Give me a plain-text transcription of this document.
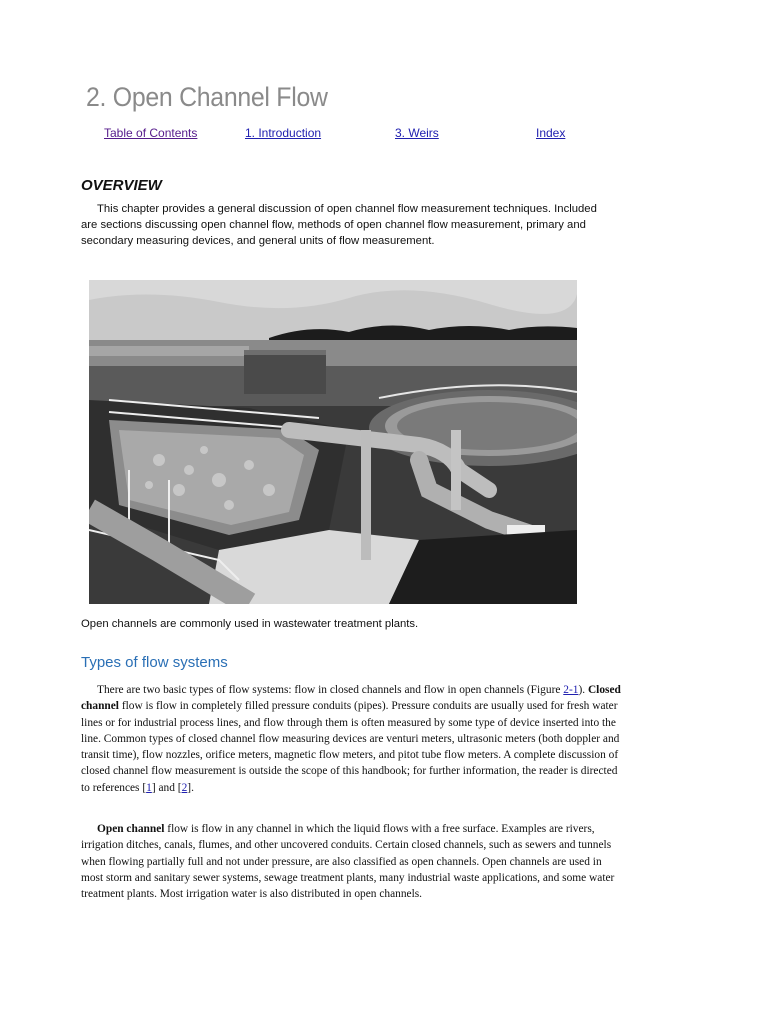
2. Open Channel Flow
Table of Contents	1. Introduction	3. Weirs	Index
OVERVIEW

This chapter provides a general discussion of open channel flow measurement techniques. Included are sections discussing open channel flow, methods of open channel flow measurement, primary and secondary measuring devices, and general units of flow measurement.

Open channels are commonly used in wastewater treatment plants.
Types of flow systems

There are two basic types of flow systems: flow in closed channels and flow in open channels (Figure 2-1). Closed channel flow is flow in completely filled pressure conduits (pipes). Pressure conduits are usually used for fresh water lines or for industrial process lines, and flow through them is often measured by some type of device inserted into the line. Common types of closed channel flow measuring devices are venturi meters, ultrasonic meters (both doppler and transit time), flow nozzles, orifice meters, magnetic flow meters, and pitot tube flow meters. A complete discussion of closed channel flow measurement is outside the scope of this handbook; for further information, the reader is directed to references [1] and [2].

Open channel flow is flow in any channel in which the liquid flows with a free surface. Examples are rivers, irrigation ditches, canals, flumes, and other uncovered conduits. Certain closed channels, such as sewers and tunnels when flowing partially full and not under pressure, are also classified as open channels. Open channels are used in most storm and sanitary sewer systems, sewage treatment plants, many industrial waste applications, and some water treatment plants. Most irrigation water is also distributed in open channels.
